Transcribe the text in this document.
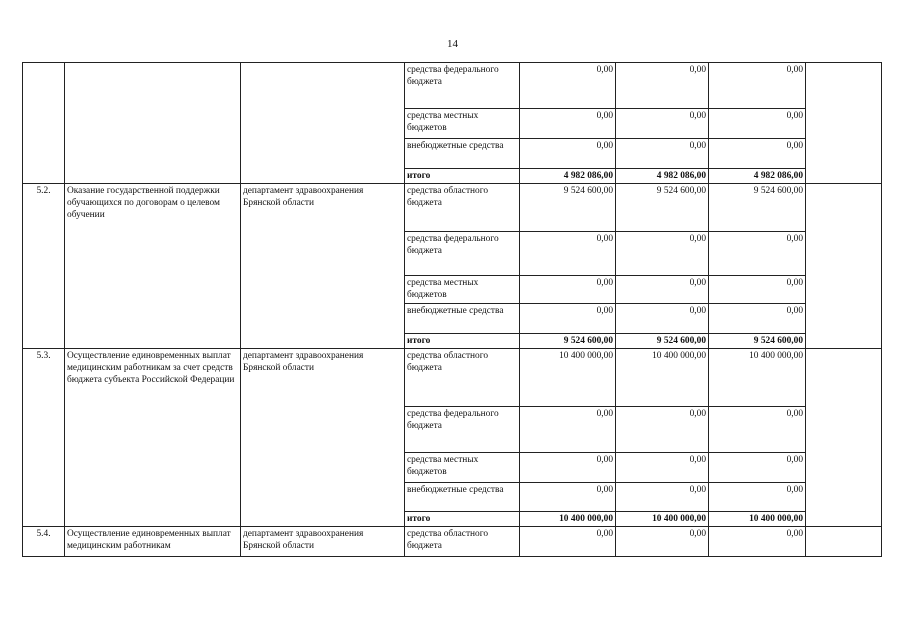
14
			средства федерального бюджета	0,00	0,00	0,00	
			средства местных бюджетов	0,00	0,00	0,00	
			внебюджетные средства	0,00	0,00	0,00	
			итого	4 982 086,00	4 982 086,00	4 982 086,00	
5.2.	Оказание государственной поддержки обучающихся по договорам о целевом обучении	департамент здравоохранения Брянской области	средства областного бюджета	9 524 600,00	9 524 600,00	9 524 600,00	
			средства федерального бюджета	0,00	0,00	0,00	
			средства местных бюджетов	0,00	0,00	0,00	
			внебюджетные средства	0,00	0,00	0,00	
			итого	9 524 600,00	9 524 600,00	9 524 600,00	
5.3.	Осуществление единовременных выплат медицинским работникам за счет средств бюджета субъекта Российской Федерации	департамент здравоохранения Брянской области	средства областного бюджета	10 400 000,00	10 400 000,00	10 400 000,00	
			средства федерального бюджета	0,00	0,00	0,00	
			средства местных бюджетов	0,00	0,00	0,00	
			внебюджетные средства	0,00	0,00	0,00	
			итого	10 400 000,00	10 400 000,00	10 400 000,00	
5.4.	Осуществление единовременных выплат медицинским работникам	департамент здравоохранения Брянской области	средства областного бюджета	0,00	0,00	0,00	
